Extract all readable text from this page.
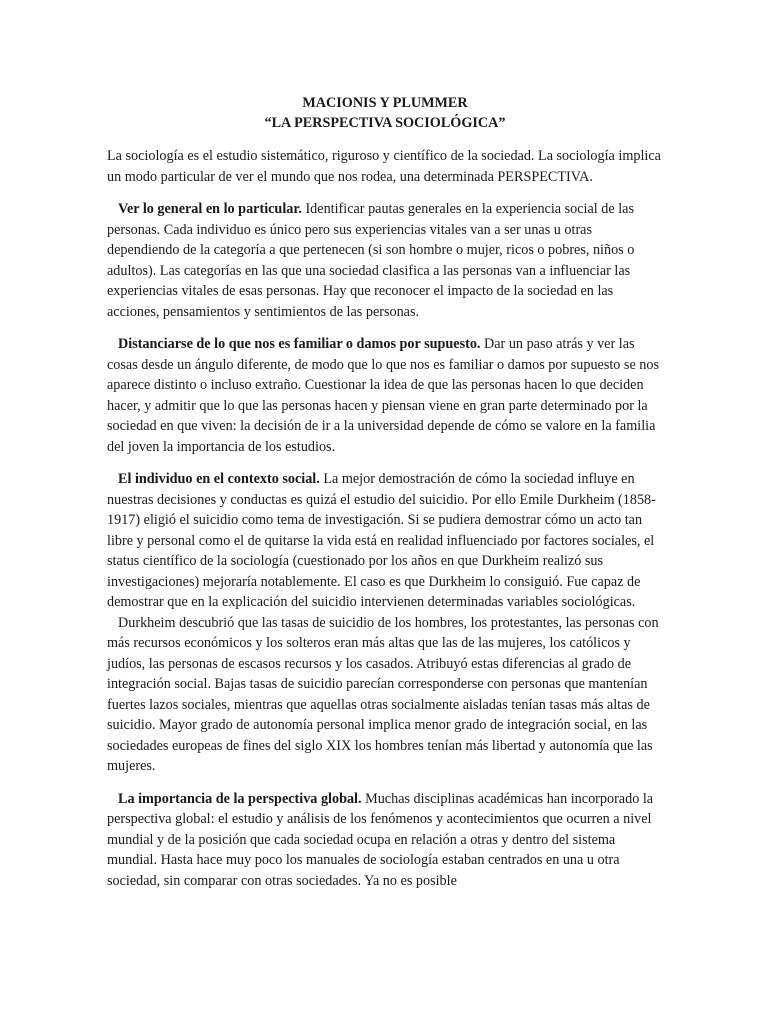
MACIONIS Y PLUMMER

“LA PERSPECTIVA SOCIOLÓGICA”

La sociología es el estudio sistemático, riguroso y científico de la sociedad. La sociología implica un modo particular de ver el mundo que nos rodea, una determinada PERSPECTIVA.

Ver lo general en lo particular. Identificar pautas generales en la experiencia social de las personas. Cada individuo es único pero sus experiencias vitales van a ser unas u otras dependiendo de la categoría a que pertenecen (si son hombre o mujer, ricos o pobres, niños o adultos). Las categorías en las que una sociedad clasifica a las personas van a influenciar las experiencias vitales de esas personas. Hay que reconocer el impacto de la sociedad en las acciones, pensamientos y sentimientos de las personas.

Distanciarse de lo que nos es familiar o damos por supuesto. Dar un paso atrás y ver las cosas desde un ángulo diferente, de modo que lo que nos es familiar o damos por supuesto se nos aparece distinto o incluso extraño. Cuestionar la idea de que las personas hacen lo que deciden hacer, y admitir que lo que las personas hacen y piensan viene en gran parte determinado por la sociedad en que viven: la decisión de ir a la universidad depende de cómo se valore en la familia del joven la importancia de los estudios.

El individuo en el contexto social. La mejor demostración de cómo la sociedad influye en nuestras decisiones y conductas es quizá el estudio del suicidio. Por ello Emile Durkheim (1858-1917) eligió el suicidio como tema de investigación. Si se pudiera demostrar cómo un acto tan libre y personal como el de quitarse la vida está en realidad influenciado por factores sociales, el status científico de la sociología (cuestionado por los años en que Durkheim realizó sus investigaciones) mejoraría notablemente. El caso es que Durkheim lo consiguió. Fue capaz de demostrar que en la explicación del suicidio intervienen determinadas variables sociológicas.

Durkheim descubrió que las tasas de suicidio de los hombres, los protestantes, las personas con más recursos económicos y los solteros eran más altas que las de las mujeres, los católicos y judíos, las personas de escasos recursos y los casados. Atribuyó estas diferencias al grado de integración social. Bajas tasas de suicidio parecían corresponderse con personas que mantenían fuertes lazos sociales, mientras que aquellas otras socialmente aisladas tenían tasas más altas de suicidio. Mayor grado de autonomía personal implica menor grado de integración social, en las sociedades europeas de fines del siglo XIX los hombres tenían más libertad y autonomía que las mujeres.

La importancia de la perspectiva global. Muchas disciplinas académicas han incorporado la perspectiva global: el estudio y análisis de los fenómenos y acontecimientos que ocurren a nivel mundial y de la posición que cada sociedad ocupa en relación a otras y dentro del sistema mundial. Hasta hace muy poco los manuales de sociología estaban centrados en una u otra sociedad, sin comparar con otras sociedades. Ya no es posible
